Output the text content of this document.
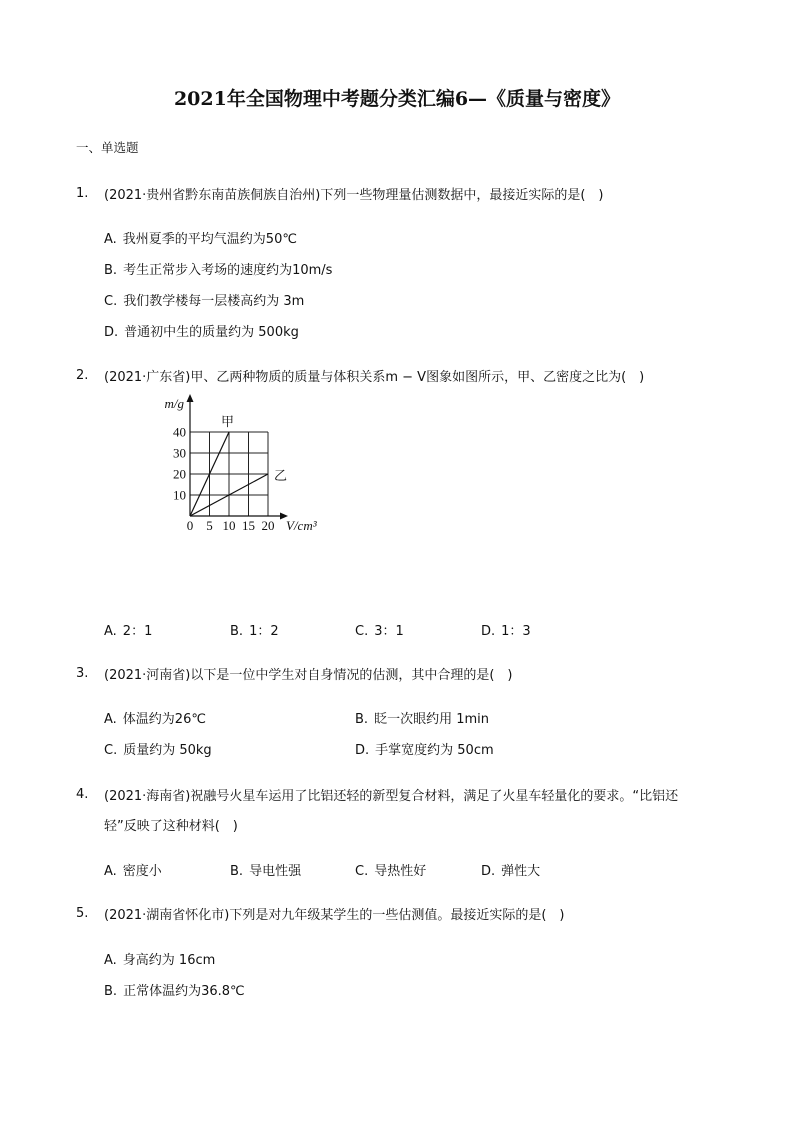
2021年全国物理中考题分类汇编6—《质量与密度》
一、单选题
1. (2021·贵州省黔东南苗族侗族自治州)下列一些物理量估测数据中，最接近实际的是(　)
A. 我州夏季的平均气温约为50℃
B. 考生正常步入考场的速度约为10m/s
C. 我们教学楼每一层楼高约为 3m
D. 普通初中生的质量约为 500kg
2. (2021·广东省)甲、乙两种物质的质量与体积关系m − V图象如图所示，甲、乙密度之比为(　)
甲
乙
0 5 10 15 20
10
20
30
40
m/g
V/cm³
A. 2：1	B. 1：2	C. 3：1	D. 1：3
3. (2021·河南省)以下是一位中学生对自身情况的估测，其中合理的是(　)
A. 体温约为26℃	B. 眨一次眼约用 1min
C. 质量约为 50kg	D. 手掌宽度约为 50cm
4. (2021·海南省)祝融号火星车运用了比铝还轻的新型复合材料，满足了火星车轻量化的要求。“比铝还
轻”反映了这种材料(　)
A. 密度小	B. 导电性强	C. 导热性好	D. 弹性大
5. (2021·湖南省怀化市)下列是对九年级某学生的一些估测值。最接近实际的是(　)
A. 身高约为 16cm
B. 正常体温约为36.8℃
